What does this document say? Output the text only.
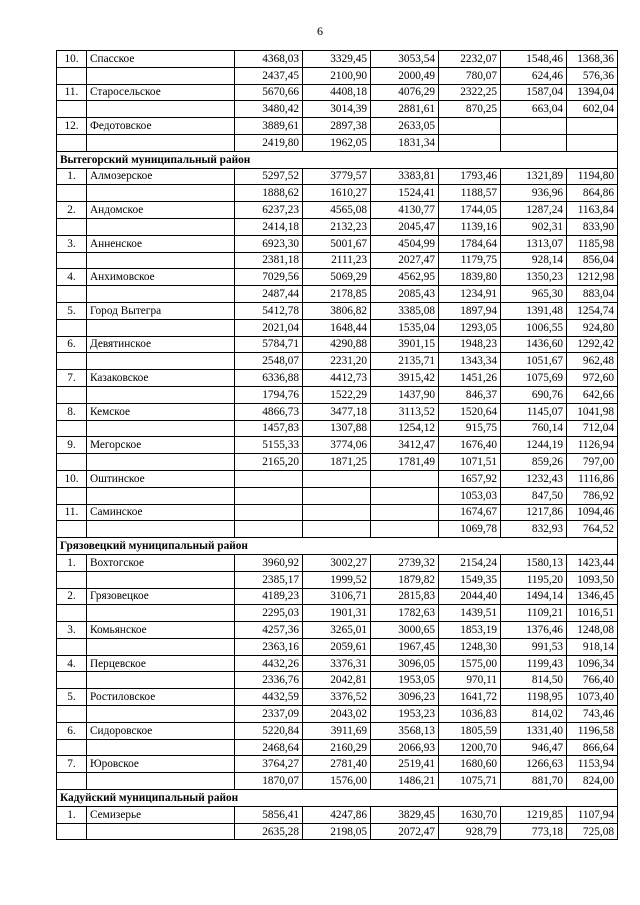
6
10.	Спасское	4368,03	3329,45	3053,54	2232,07	1548,46	1368,36
		2437,45	2100,90	2000,49	780,07	624,46	576,36
11.	Старосельское	5670,66	4408,18	4076,29	2322,25	1587,04	1394,04
		3480,42	3014,39	2881,61	870,25	663,04	602,04
12.	Федотовское	3889,61	2897,38	2633,05			
		2419,80	1962,05	1831,34			
Вытегорский муниципальный район							
1.	Алмозерское	5297,52	3779,57	3383,81	1793,46	1321,89	1194,80
		1888,62	1610,27	1524,41	1188,57	936,96	864,86
2.	Андомское	6237,23	4565,08	4130,77	1744,05	1287,24	1163,84
		2414,18	2132,23	2045,47	1139,16	902,31	833,90
3.	Анненское	6923,30	5001,67	4504,99	1784,64	1313,07	1185,98
		2381,18	2111,23	2027,47	1179,75	928,14	856,04
4.	Анхимовское	7029,56	5069,29	4562,95	1839,80	1350,23	1212,98
		2487,44	2178,85	2085,43	1234,91	965,30	883,04
5.	Город Вытегра	5412,78	3806,82	3385,08	1897,94	1391,48	1254,74
		2021,04	1648,44	1535,04	1293,05	1006,55	924,80
6.	Девятинское	5784,71	4290,88	3901,15	1948,23	1436,60	1292,42
		2548,07	2231,20	2135,71	1343,34	1051,67	962,48
7.	Казаковское	6336,88	4412,73	3915,42	1451,26	1075,69	972,60
		1794,76	1522,29	1437,90	846,37	690,76	642,66
8.	Кемское	4866,73	3477,18	3113,52	1520,64	1145,07	1041,98
		1457,83	1307,88	1254,12	915,75	760,14	712,04
9.	Мегорское	5155,33	3774,06	3412,47	1676,40	1244,19	1126,94
		2165,20	1871,25	1781,49	1071,51	859,26	797,00
10.	Оштинское				1657,92	1232,43	1116,86
					1053,03	847,50	786,92
11.	Саминское				1674,67	1217,86	1094,46
					1069,78	832,93	764,52
Грязовецкий муниципальный район							
1.	Вохтогское	3960,92	3002,27	2739,32	2154,24	1580,13	1423,44
		2385,17	1999,52	1879,82	1549,35	1195,20	1093,50
2.	Грязовецкое	4189,23	3106,71	2815,83	2044,40	1494,14	1346,45
		2295,03	1901,31	1782,63	1439,51	1109,21	1016,51
3.	Комьянское	4257,36	3265,01	3000,65	1853,19	1376,46	1248,08
		2363,16	2059,61	1967,45	1248,30	991,53	918,14
4.	Перцевское	4432,26	3376,31	3096,05	1575,00	1199,43	1096,34
		2336,76	2042,81	1953,05	970,11	814,50	766,40
5.	Ростиловское	4432,59	3376,52	3096,23	1641,72	1198,95	1073,40
		2337,09	2043,02	1953,23	1036,83	814,02	743,46
6.	Сидоровское	5220,84	3911,69	3568,13	1805,59	1331,40	1196,58
		2468,64	2160,29	2066,93	1200,70	946,47	866,64
7.	Юровское	3764,27	2781,40	2519,41	1680,60	1266,63	1153,94
		1870,07	1576,00	1486,21	1075,71	881,70	824,00
Кадуйский муниципальный район							
1.	Семизерье	5856,41	4247,86	3829,45	1630,70	1219,85	1107,94
		2635,28	2198,05	2072,47	928,79	773,18	725,08
